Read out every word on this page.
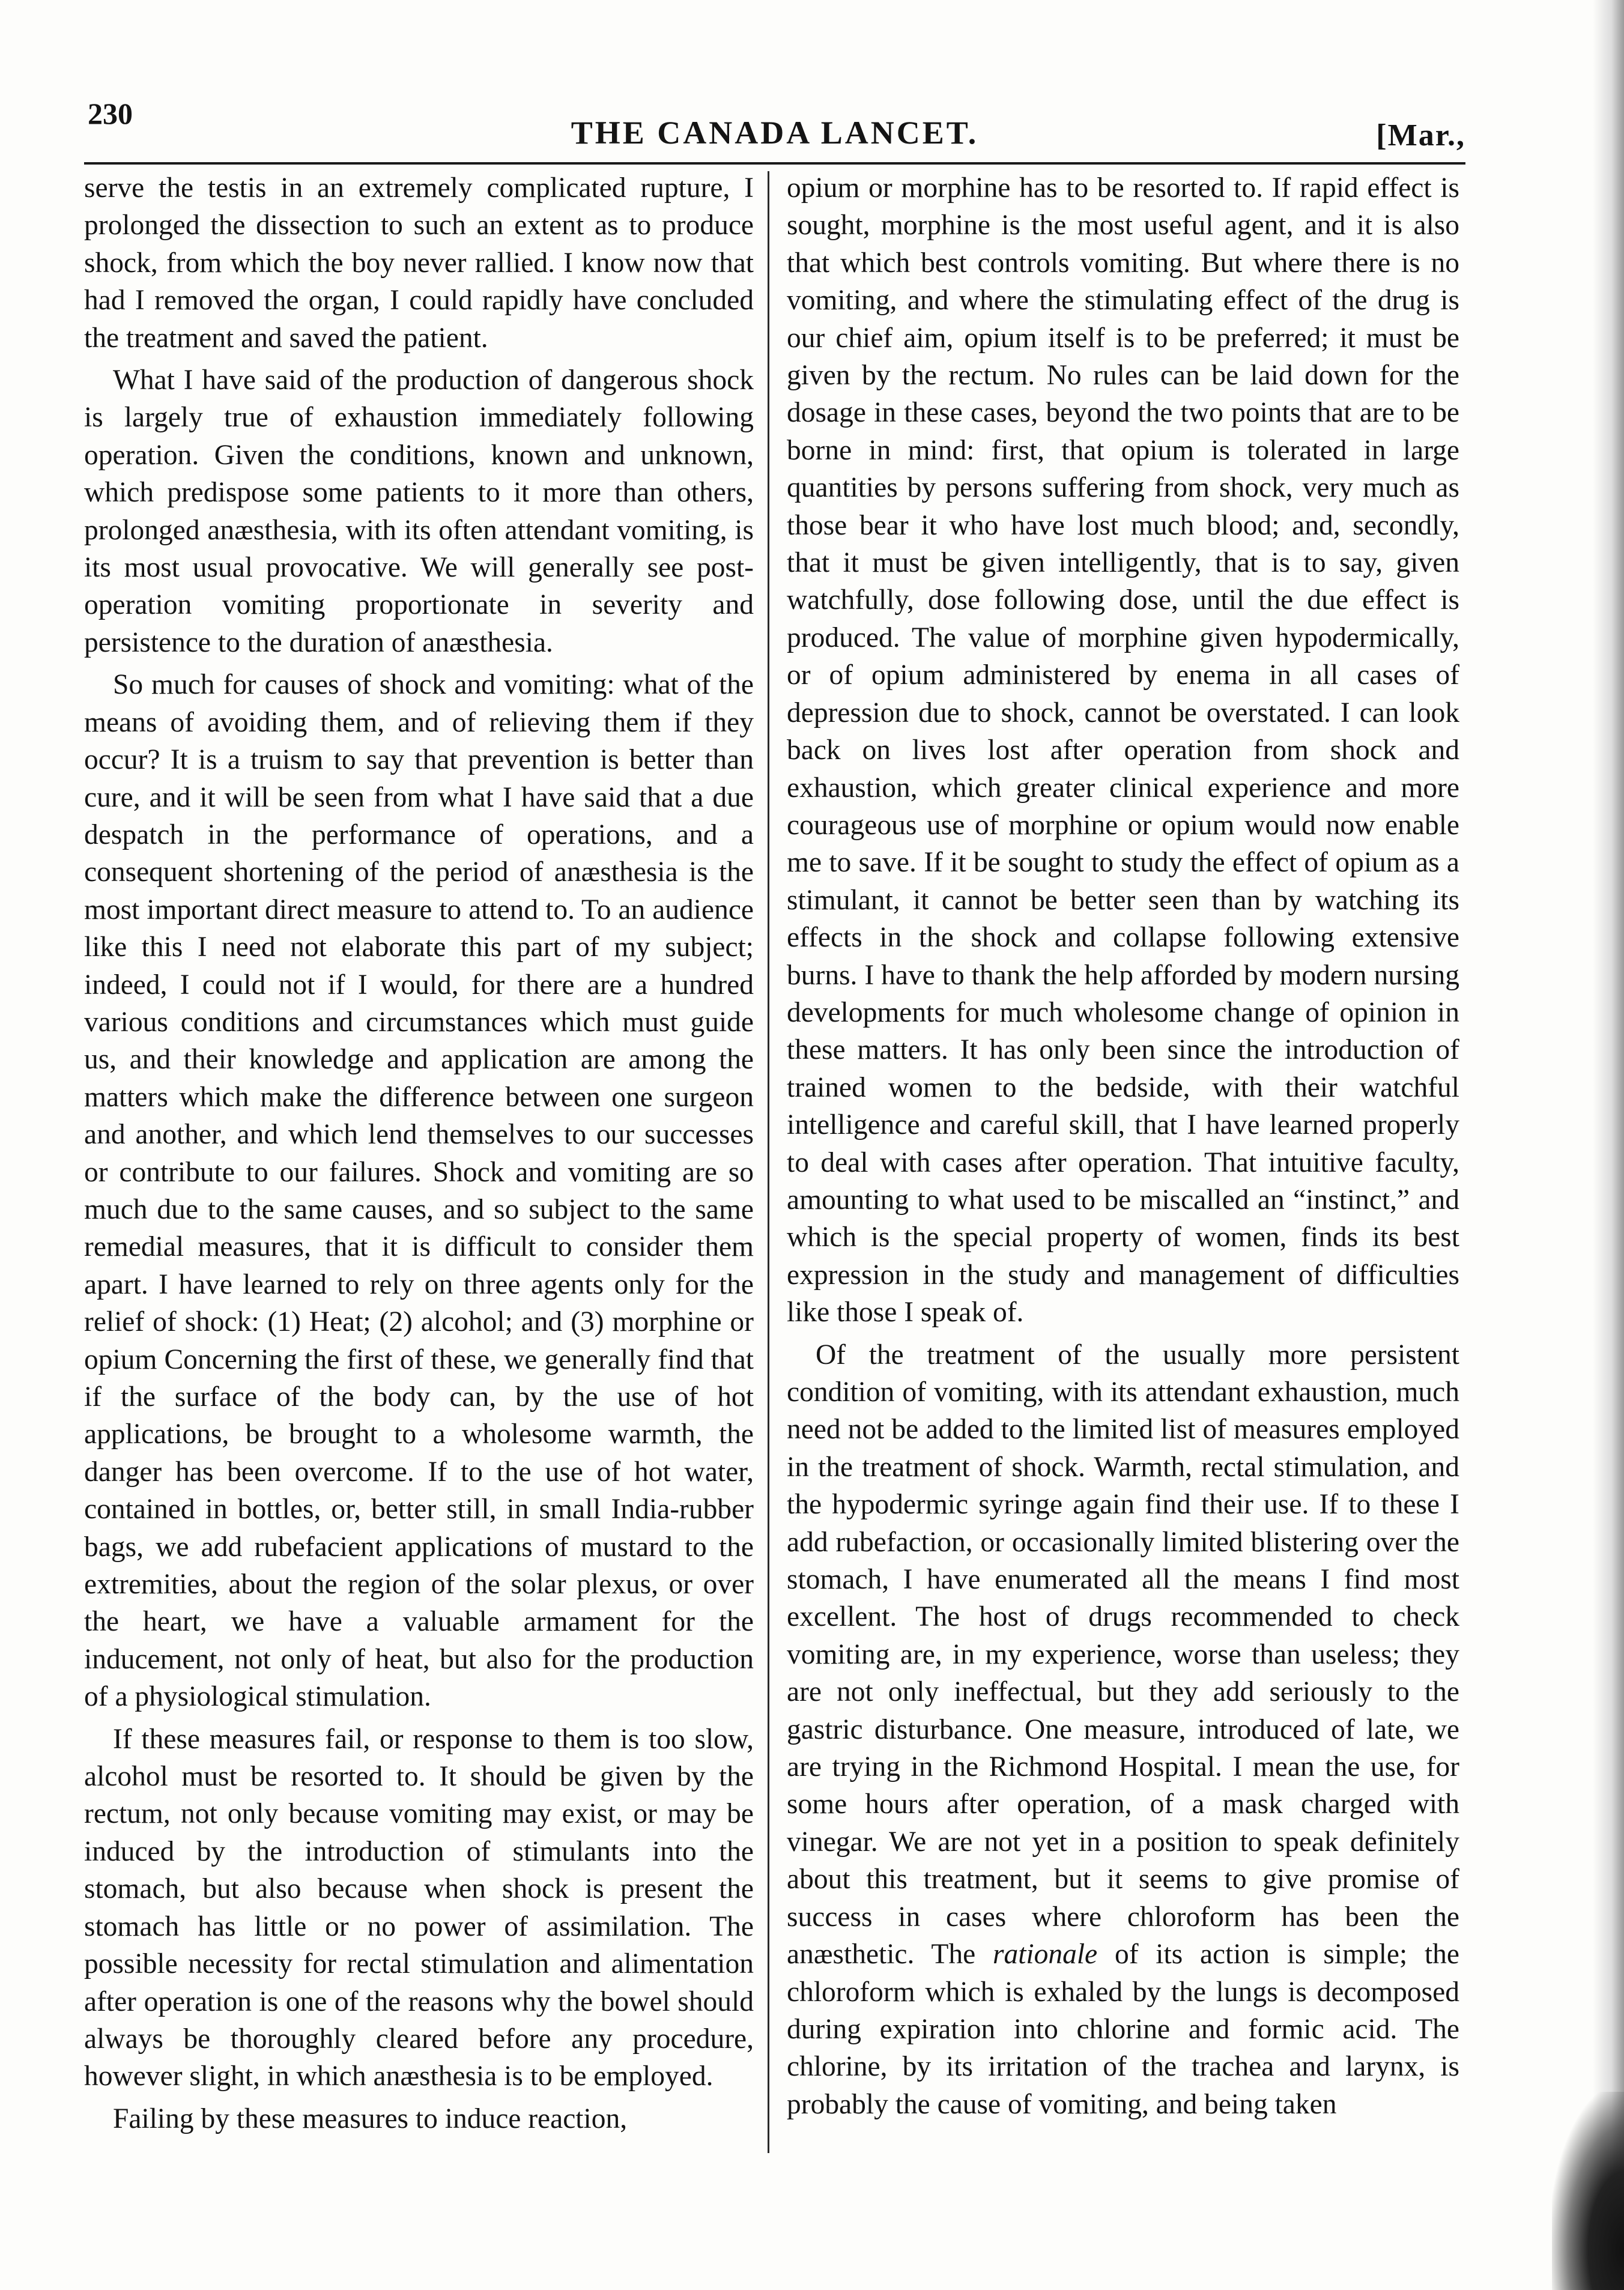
230
THE CANADA LANCET.	[Mar.,

serve the testis in an extremely complicated rupture, I prolonged the dissection to such an extent as to produce shock, from which the boy never rallied. I know now that had I removed the organ, I could rapidly have concluded the treatment and saved the patient.

What I have said of the production of dangerous shock is largely true of exhaustion immediately following operation. Given the conditions, known and unknown, which predispose some patients to it more than others, prolonged anæsthesia, with its often attendant vomiting, is its most usual provocative. We will generally see post-operation vomiting proportionate in severity and persistence to the duration of anæsthesia.

So much for causes of shock and vomiting: what of the means of avoiding them, and of relieving them if they occur? It is a truism to say that prevention is better than cure, and it will be seen from what I have said that a due despatch in the performance of operations, and a consequent shortening of the period of anæsthesia is the most important direct measure to attend to. To an audience like this I need not elaborate this part of my subject; indeed, I could not if I would, for there are a hundred various conditions and circumstances which must guide us, and their knowledge and application are among the matters which make the difference between one surgeon and another, and which lend themselves to our successes or contribute to our failures. Shock and vomiting are so much due to the same causes, and so subject to the same remedial measures, that it is difficult to consider them apart. I have learned to rely on three agents only for the relief of shock: (1) Heat; (2) alcohol; and (3) morphine or opium Concerning the first of these, we generally find that if the surface of the body can, by the use of hot applications, be brought to a wholesome warmth, the danger has been overcome. If to the use of hot water, contained in bottles, or, better still, in small India-rubber bags, we add rubefacient applications of mustard to the extremities, about the region of the solar plexus, or over the heart, we have a valuable armament for the inducement, not only of heat, but also for the production of a physiological stimulation.

If these measures fail, or response to them is too slow, alcohol must be resorted to. It should be given by the rectum, not only because vomiting may exist, or may be induced by the introduction of stimulants into the stomach, but also because when shock is present the stomach has little or no power of assimilation. The possible necessity for rectal stimulation and alimentation after operation is one of the reasons why the bowel should always be thoroughly cleared before any procedure, however slight, in which anæsthesia is to be employed.

Failing by these measures to induce reaction,

opium or morphine has to be resorted to. If rapid effect is sought, morphine is the most useful agent, and it is also that which best controls vomiting. But where there is no vomiting, and where the stimulating effect of the drug is our chief aim, opium itself is to be preferred; it must be given by the rectum. No rules can be laid down for the dosage in these cases, beyond the two points that are to be borne in mind: first, that opium is tolerated in large quantities by persons suffering from shock, very much as those bear it who have lost much blood; and, secondly, that it must be given intelligently, that is to say, given watchfully, dose following dose, until the due effect is produced. The value of morphine given hypodermically, or of opium administered by enema in all cases of depression due to shock, cannot be overstated. I can look back on lives lost after operation from shock and exhaustion, which greater clinical experience and more courageous use of morphine or opium would now enable me to save. If it be sought to study the effect of opium as a stimulant, it cannot be better seen than by watching its effects in the shock and collapse following extensive burns. I have to thank the help afforded by modern nursing developments for much wholesome change of opinion in these matters. It has only been since the introduction of trained women to the bedside, with their watchful intelligence and careful skill, that I have learned properly to deal with cases after operation. That intuitive faculty, amounting to what used to be miscalled an “instinct,” and which is the special property of women, finds its best expression in the study and management of difficulties like those I speak of.

Of the treatment of the usually more persistent condition of vomiting, with its attendant exhaustion, much need not be added to the limited list of measures employed in the treatment of shock. Warmth, rectal stimulation, and the hypodermic syringe again find their use. If to these I add rubefaction, or occasionally limited blistering over the stomach, I have enumerated all the means I find most excellent. The host of drugs recommended to check vomiting are, in my experience, worse than useless; they are not only ineffectual, but they add seriously to the gastric disturbance. One measure, introduced of late, we are trying in the Richmond Hospital. I mean the use, for some hours after operation, of a mask charged with vinegar. We are not yet in a position to speak definitely about this treatment, but it seems to give promise of success in cases where chloroform has been the anæsthetic. The rationale of its action is simple; the chloroform which is exhaled by the lungs is decomposed during expiration into chlorine and formic acid. The chlorine, by its irritation of the trachea and larynx, is probably the cause of vomiting, and being taken
